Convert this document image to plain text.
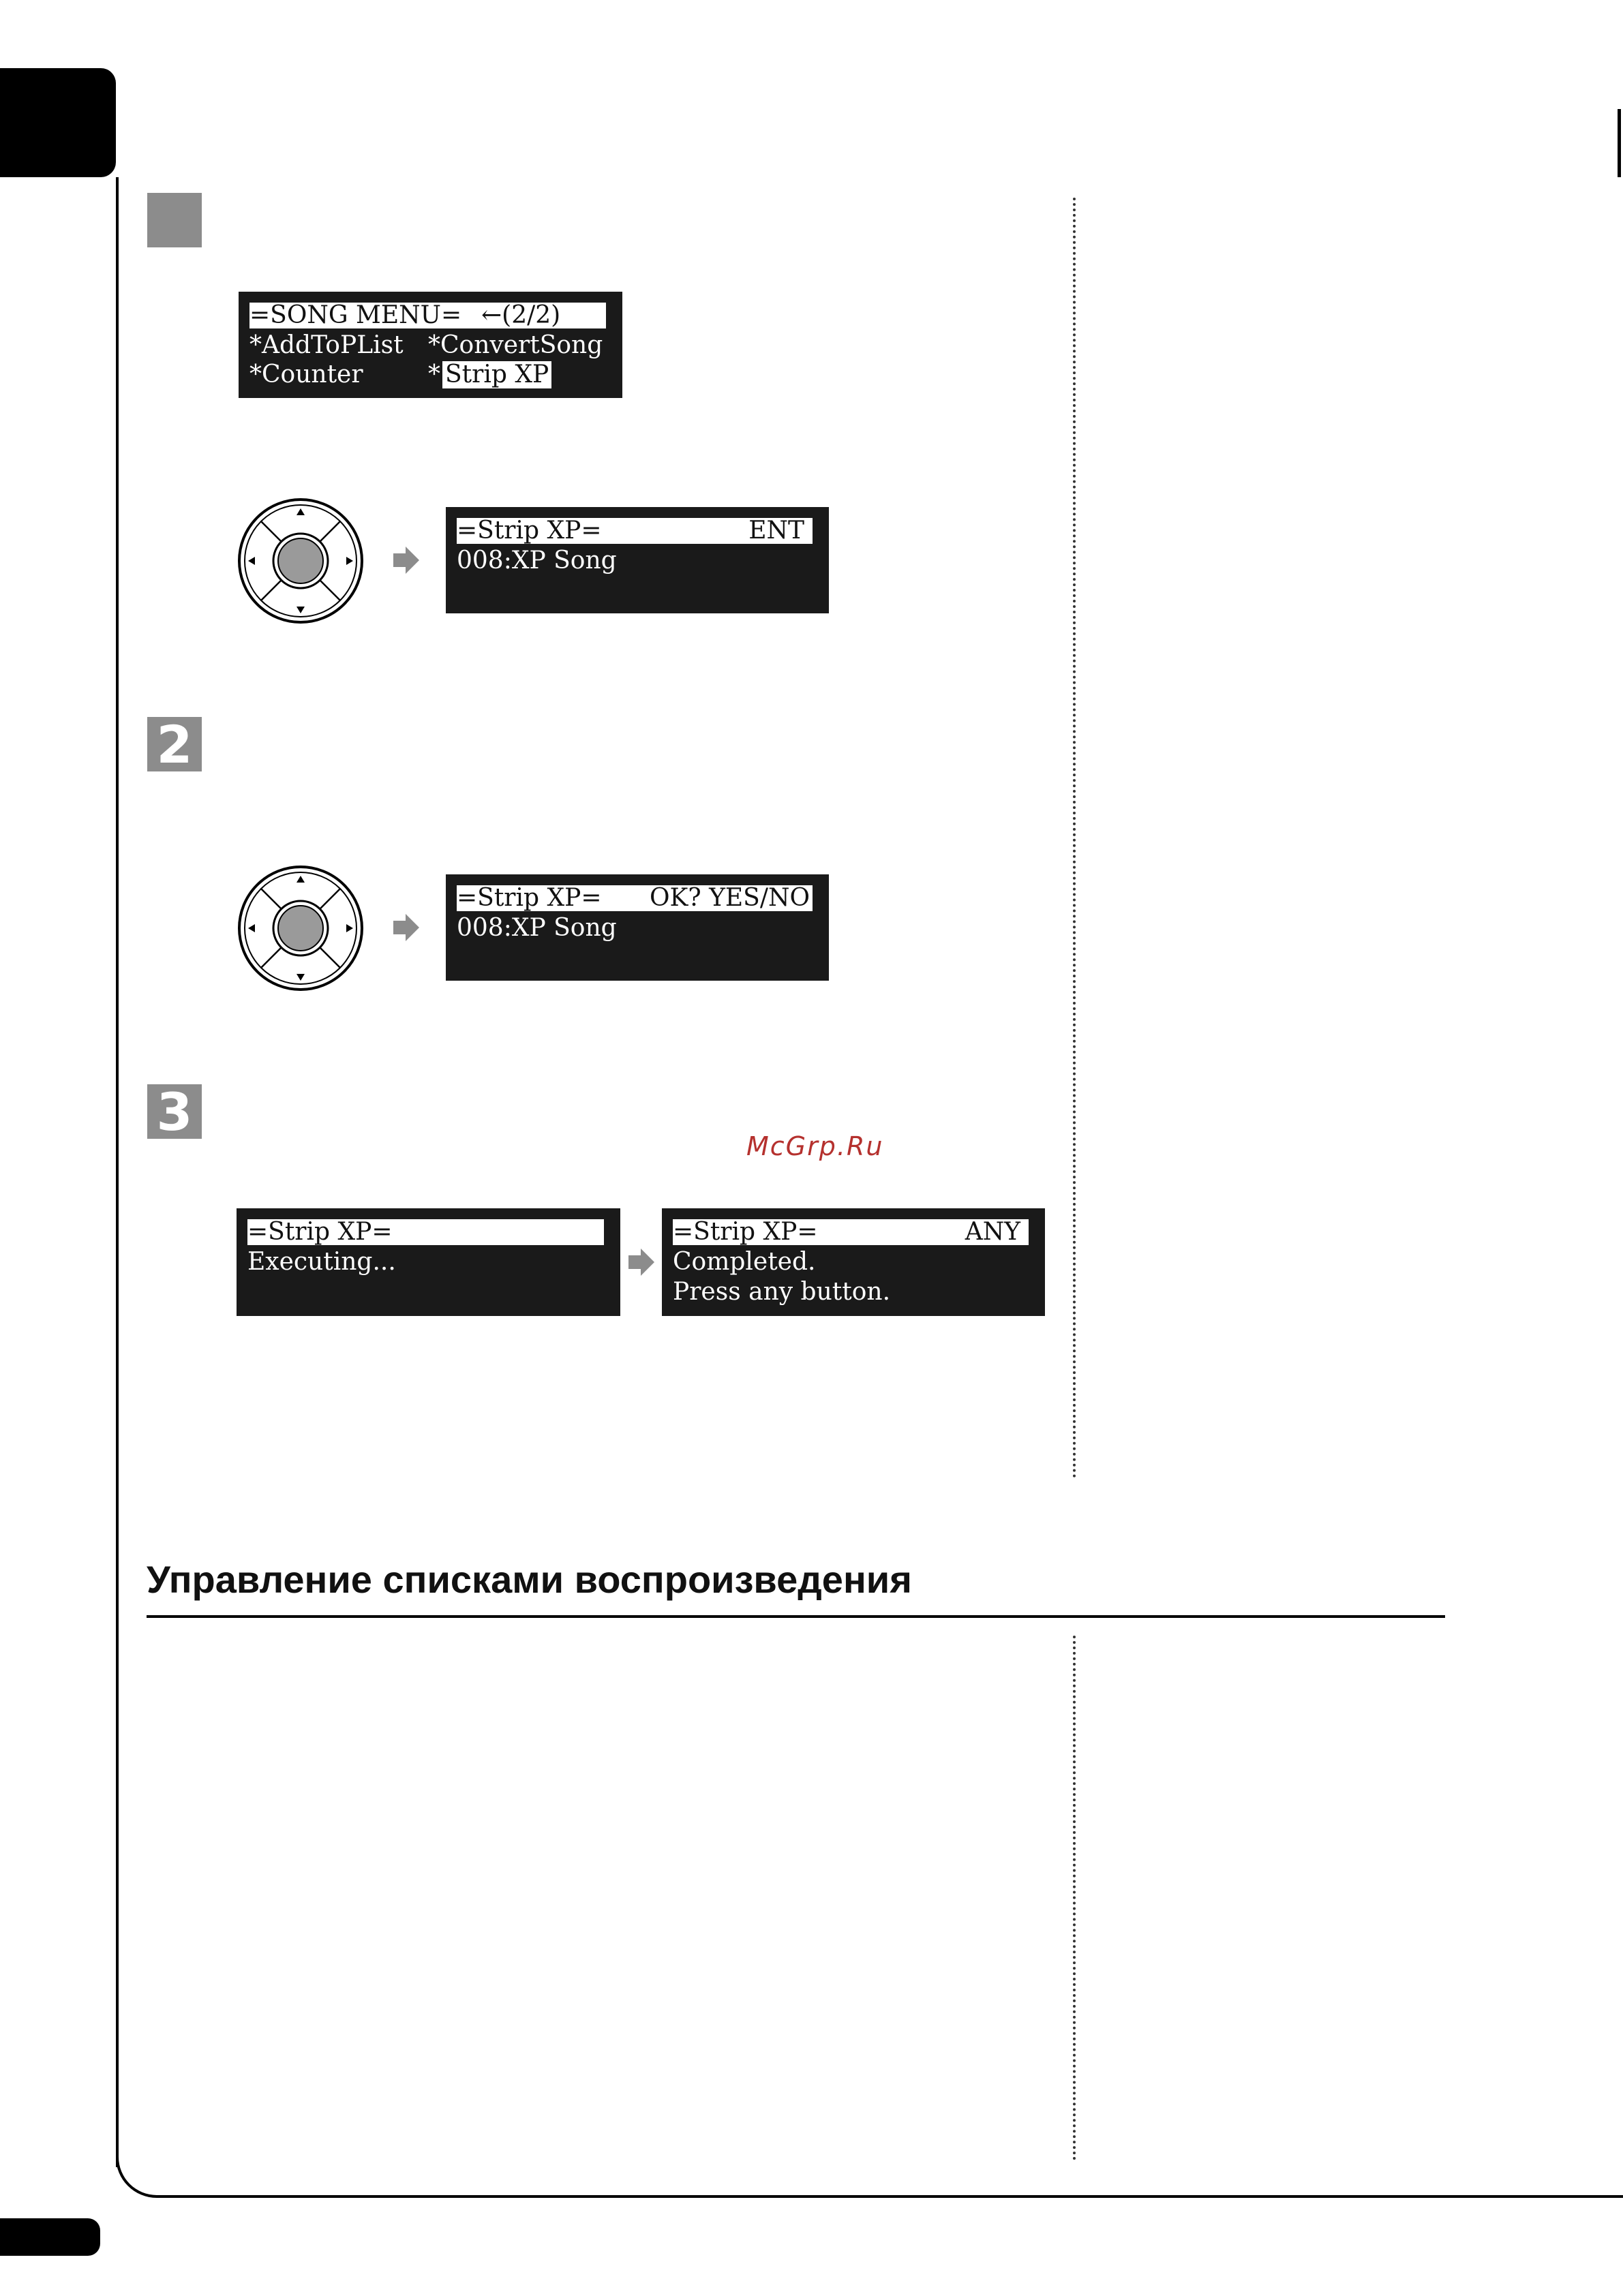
=SONG MENU= ←(2/2)
*AddToPList *ConvertSong
*Counter	* Strip XP
=Strip XP=	ENT
008:XP Song
2
=Strip XP= OK? YES/NO
008:XP Song
3
McGrp.Ru
=Strip XP=
Executing...
=Strip XP=	ANY
Completed.
Press any button.
Управление списками воспроизведения
